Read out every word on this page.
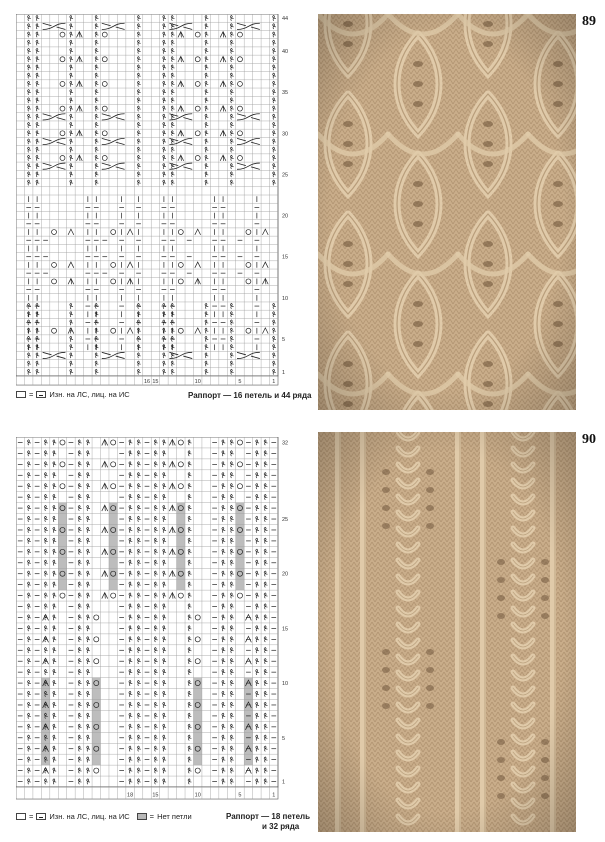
1
5
10
15
20
25
30
35
40
44
16 15	10	5	1
89
= Изн. на ЛС, лиц. на ИС	Раппорт — 16 петель и 44 ряда
1
5
10
15
20
25
32
18	15	10	5	1
90
= Изн. на ЛС, лиц. на ИС	= Нет петли	Раппорт — 18 петель
и 32 ряда
